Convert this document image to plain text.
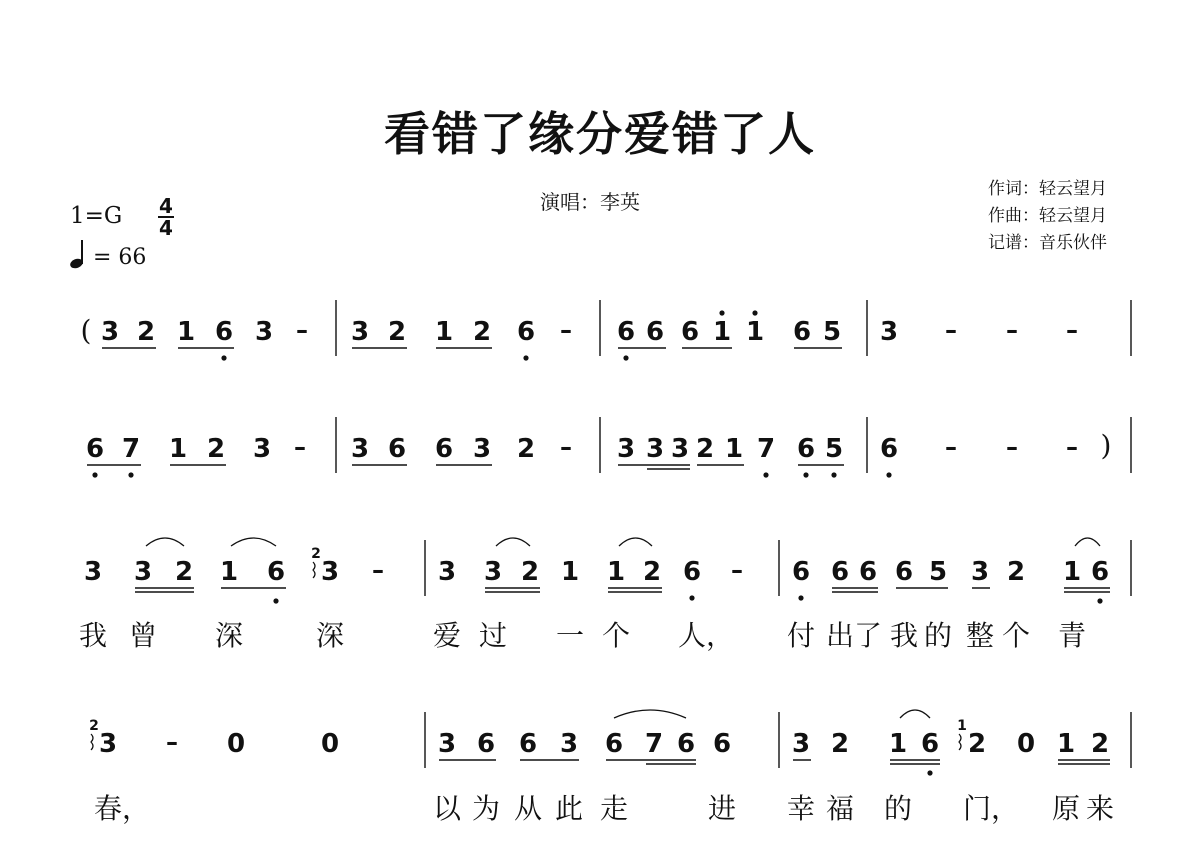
看错了缘分爱错了人
演唱：李英
作词：轻云望月
作曲：轻云望月
记谱：音乐伙伴
1=G 4
4
= 66
( 3 2 1 6 3 – 3 2 1 2 6 – 6 6 6 1 1 6 5 3 – – –
6 7 1 2 3 – 3 6 6 3 2 – 3 3 3 2 1 7 6 5 6 – – – )
3 3 2 1 6
2
3 – 3 3 2 1 1 2 6 – 6 6 6 6 5 3 2 1 6
2
3 – 0	0	3 6 6 3 6 7 6 6 3 2 1 6
1
2 0 1 2
我 曾 深	深	爱 过 一 个 人， 付 出 了 我 的 整 个 青
春，	以 为 从 此 走	进 幸 福 的 门， 原 来
